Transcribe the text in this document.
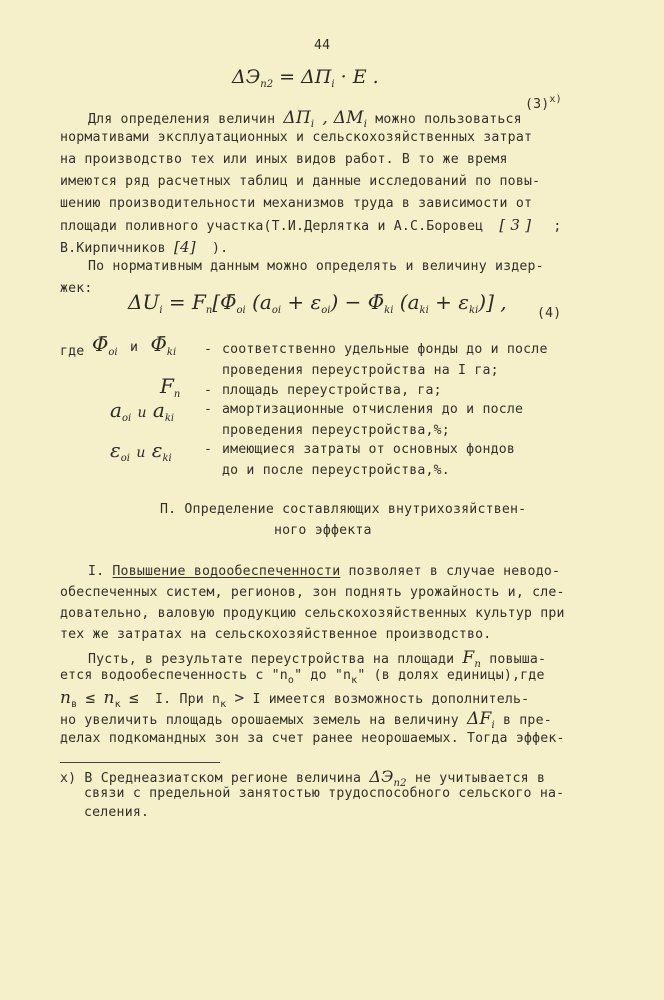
44
$\Delta Э_{n2} = \Delta П_i \cdot E$ .
$(3)^{x)}$
Для определения величин $\Delta П_i$ , $\Delta M_i$ можно пользоваться
нормативами эксплуатационных и сельскохозяйственных затрат
на производство тех или иных видов работ. В то же время
имеются ряд расчетных таблиц и данные исследований по повы-
шению производительности механизмов труда в зависимости от
площади поливного участка(Т.И.Дерлятка и А.С.Боровец [ 3 ] ;
В.Кирпичников [4] ).
По нормативным данным можно определять и величину издер-
жек:
$\Delta U_i$ = $F_n[\Phī_{oi}$ $(a_{oi} + \varepsilon_{oi})$ − $\Phī_{ki}$ $(a_{ki} + \varepsilon_{ki})$] , (4)
где $\Phī_{oi}$ и $\Phī_{ki}$ - соответственно удельные фонды до и после
проведения переустройства на I га;
$F_n$ - площадь переустройства, га;
$a_{oi}$ u $a_{ki}$
- амортизационные отчисления до и после
проведения переустройства,%;
$\varepsilon_{oi}$ u $\varepsilon_{ki}$
- имеющиеся затраты от основных фондов
до и после переустройства,%.
П. Определение составляющих внутрихозяйствен-
ного эффекта
I. Повышение водообеспеченности позволяет в случае неводо-
обеспеченных систем, регионов, зон поднять урожайность и, сле-
довательно, валовую продукцию сельскохозяйственных культур при
тех же затратах на сельскохозяйственное производство.
Пусть, в результате переустройства на площади $F_n$ повыша-
ется водообеспеченность с "$n_o$" до "$n_к$" (в долях единицы),где
$n_в \le n_к \le I$. При $n_к > I$ имеется возможность дополнитель-
но увеличить площадь орошаемых земель на величину $\Delta F_i$ в пре-
делах подкомандных зон за счет ранее неорошаемых. Тогда эффек-
x) В Среднеазиатском регионе величина $\Delta Э_{n2}$ не учитывается в
связи с предельной занятостью трудоспособного сельского на-
селения.
